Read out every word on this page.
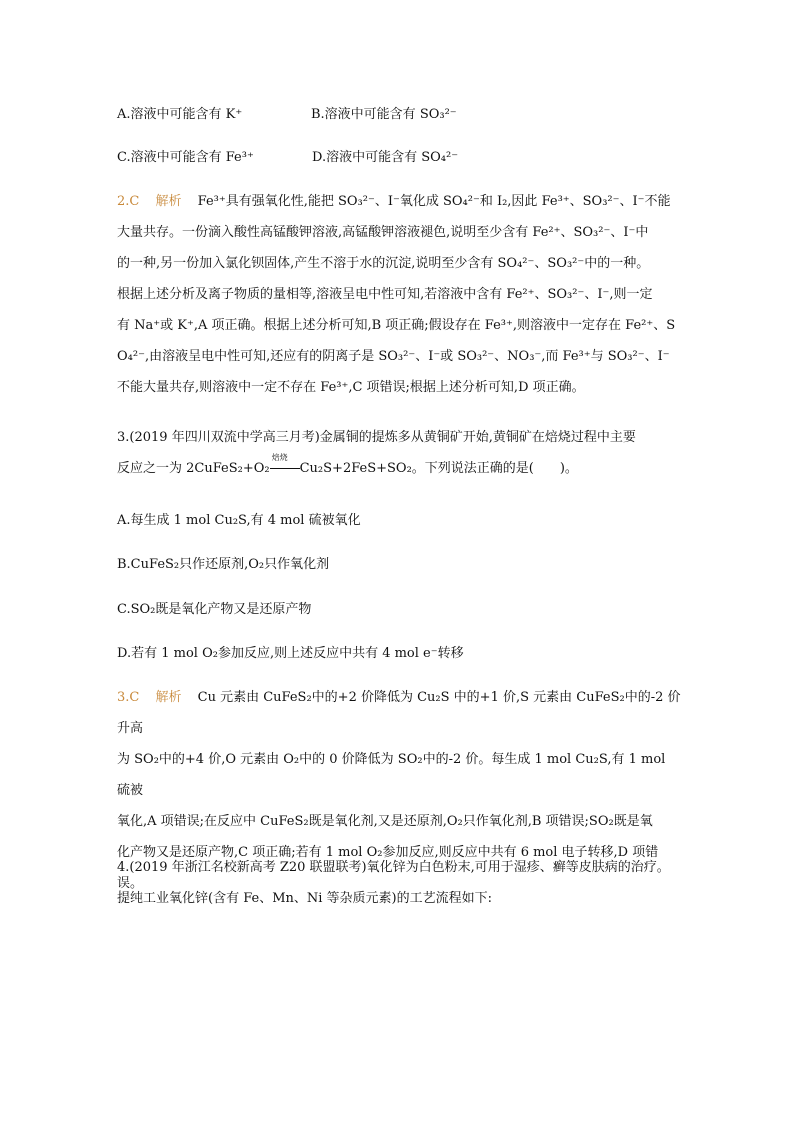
A.溶液中可能含有 K⁺	B.溶液中可能含有 SO₃²⁻
C.溶液中可能含有 Fe³⁺	D.溶液中可能含有 SO₄²⁻
2.C 解析 Fe³⁺具有强氧化性,能把 SO₃²⁻、I⁻氧化成 SO₄²⁻和 I₂,因此 Fe³⁺、SO₃²⁻、I⁻不能
大量共存。一份滴入酸性高锰酸钾溶液,高锰酸钾溶液褪色,说明至少含有 Fe²⁺、SO₃²⁻、I⁻中
的一种,另一份加入氯化钡固体,产生不溶于水的沉淀,说明至少含有 SO₄²⁻、SO₃²⁻中的一种。
根据上述分析及离子物质的量相等,溶液呈电中性可知,若溶液中含有 Fe²⁺、SO₃²⁻、I⁻,则一定
有 Na⁺或 K⁺,A 项正确。根据上述分析可知,B 项正确;假设存在 Fe³⁺,则溶液中一定存在 Fe²⁺、S
O₄²⁻,由溶液呈电中性可知,还应有的阴离子是 SO₃²⁻、I⁻或 SO₃²⁻、NO₃⁻,而 Fe³⁺与 SO₃²⁻、I⁻
不能大量共存,则溶液中一定不存在 Fe³⁺,C 项错误;根据上述分析可知,D 项正确。
3.(2019 年四川双流中学高三月考)金属铜的提炼多从黄铜矿开始,黄铜矿在焙烧过程中主要
反应之一为 2CuFeS₂+O₂
焙烧
Cu₂S+2FeS+SO₂。下列说法正确的是(　　)。
A.每生成 1 mol Cu₂S,有 4 mol 硫被氧化
B.CuFeS₂只作还原剂,O₂只作氧化剂
C.SO₂既是氧化产物又是还原产物
D.若有 1 mol O₂参加反应,则上述反应中共有 4 mol e⁻转移
3.C 解析 Cu 元素由 CuFeS₂中的+2 价降低为 Cu₂S 中的+1 价,S 元素由 CuFeS₂中的-2 价升高
为 SO₂中的+4 价,O 元素由 O₂中的 0 价降低为 SO₂中的-2 价。每生成 1 mol Cu₂S,有 1 mol 硫被
氧化,A 项错误;在反应中 CuFeS₂既是氧化剂,又是还原剂,O₂只作氧化剂,B 项错误;SO₂既是氧
化产物又是还原产物,C 项正确;若有 1 mol O₂参加反应,则反应中共有 6 mol 电子转移,D 项错
误。
4.(2019 年浙江名校新高考 Z20 联盟联考)氧化锌为白色粉末,可用于湿疹、癣等皮肤病的治疗。
提纯工业氧化锌(含有 Fe、Mn、Ni 等杂质元素)的工艺流程如下:
